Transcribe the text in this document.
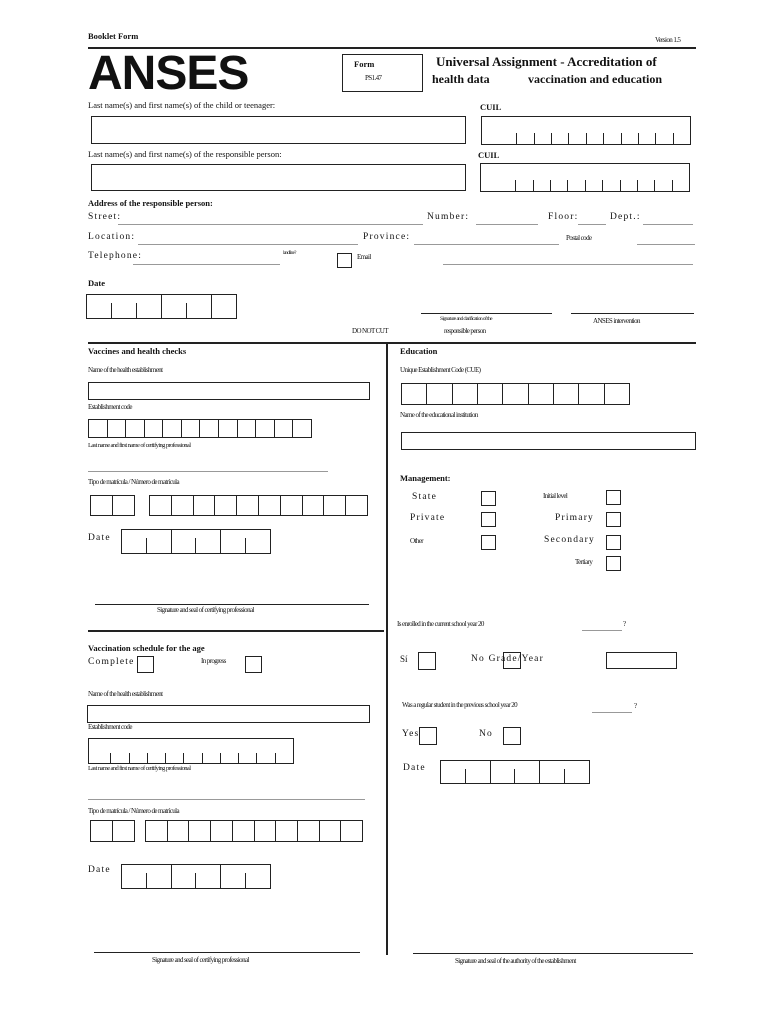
Booklet Form	Version 1.5
ANSES	Form
PS1.47
Universal Assignment - Accreditation of
health data	vaccination and education
Last name(s) and first name(s) of the child or teenager:	CUIL
Last name(s) and first name(s) of the responsible person:	CUIL
Address of the responsible person:
Street:	Number:	Floor:	Dept.:
Location:	Province:	Postal code
Telephone:	landline?	Email
Date
Signature and clarification of the
responsible person
ANSES intervention
DO NOT CUT
Vaccines and health checks
Name of the health establishment
Establishment code
Last name and first name of certifying professional
Tipo de matrícula / Número de matrícula
Date
Signature and seal of certifying professional
Vaccination schedule for the age
Complete	In progress
Name of the health establishment
Establishment code
Last name and first name of certifying professional
Tipo de matrícula / Número de matrícula
Date
Signature and seal of certifying professional
Education
Unique Establishment Code (CUE)
Name of the educational institution
Management:
State	Initial level
Private	Primary
Other	Secondary
Tertiary
Is enrolled in the current school year 20	?
Sí	No Grade/Year
Was a regular student in the previous school year 20	?
Yes	No
Date
Signature and seal of the authority of the establishment
